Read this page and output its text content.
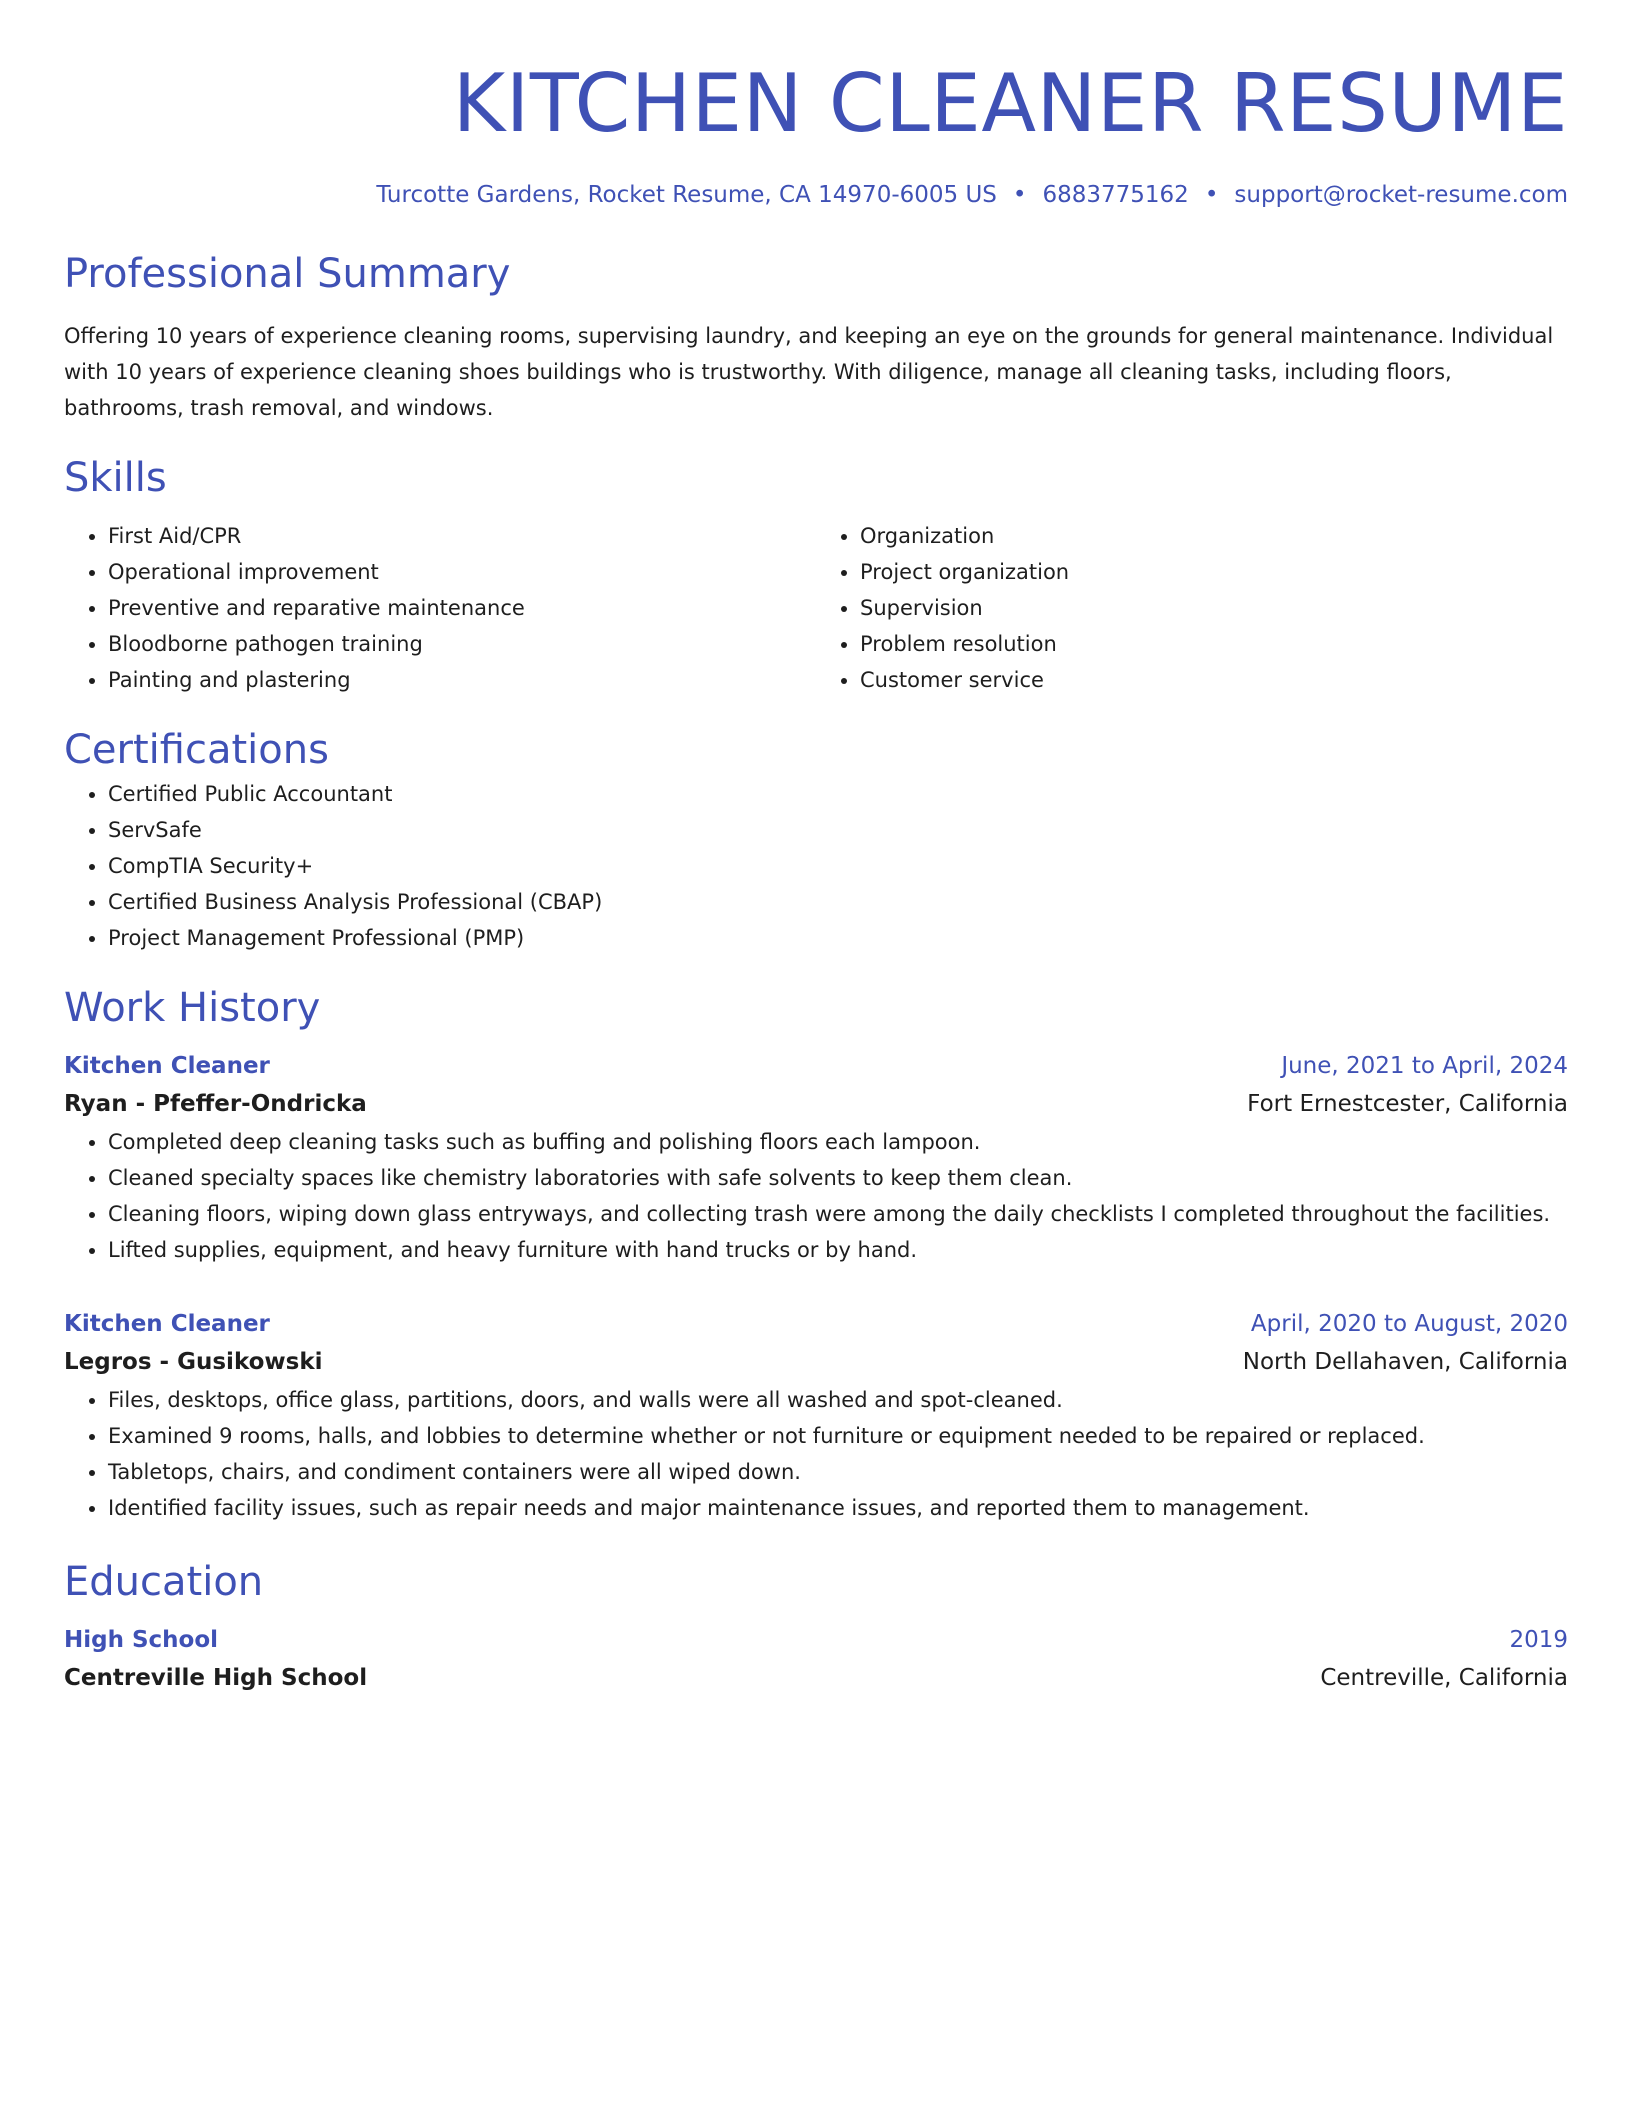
KITCHEN CLEANER RESUME
Turcotte Gardens, Rocket Resume, CA 14970-6005 US • 6883775162 • support@rocket-resume.com
Professional Summary

Offering 10 years of experience cleaning rooms, supervising laundry, and keeping an eye on the grounds for general maintenance. Individual with 10 years of experience cleaning shoes buildings who is trustworthy. With diligence, manage all cleaning tasks, including floors, bathrooms, trash removal, and windows.

Skills
• First Aid/CPR
• Operational improvement
• Preventive and reparative maintenance
• Bloodborne pathogen training
• Painting and plastering
• Organization
• Project organization
• Supervision
• Problem resolution
• Customer service
Certifications
• Certified Public Accountant
• ServSafe
• CompTIA Security+
• Certified Business Analysis Professional (CBAP)
• Project Management Professional (PMP)
Work History
Kitchen Cleaner	June, 2021 to April, 2024
Ryan - Pfeffer-Ondricka	Fort Ernestcester, California
• Completed deep cleaning tasks such as buffing and polishing floors each lampoon.
• Cleaned specialty spaces like chemistry laboratories with safe solvents to keep them clean.
• Cleaning floors, wiping down glass entryways, and collecting trash were among the daily checklists I completed throughout the facilities.
• Lifted supplies, equipment, and heavy furniture with hand trucks or by hand.
Kitchen Cleaner	April, 2020 to August, 2020
Legros - Gusikowski	North Dellahaven, California
• Files, desktops, office glass, partitions, doors, and walls were all washed and spot-cleaned.
• Examined 9 rooms, halls, and lobbies to determine whether or not furniture or equipment needed to be repaired or replaced.
• Tabletops, chairs, and condiment containers were all wiped down.
• Identified facility issues, such as repair needs and major maintenance issues, and reported them to management.
Education
High School	2019
Centreville High School	Centreville, California
